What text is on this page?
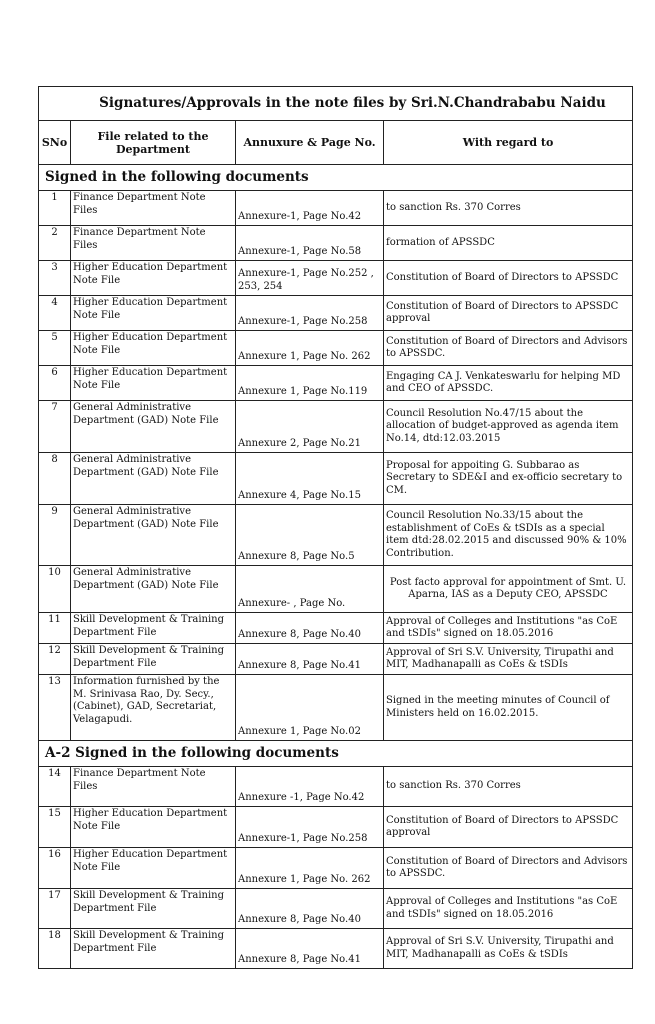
Signatures/Approvals in the note files by Sri.N.Chandrababu Naidu			
SNo	File related to the Department	Annuxure & Page No.	With regard to
Signed in the following documents			
1	Finance Department Note Files	Annexure-1, Page No.42	to sanction Rs. 370 Corres
2	Finance Department Note Files	Annexure-1, Page No.58	formation of APSSDC
3	Higher Education Department Note File	Annexure-1, Page No.252 , 253, 254	Constitution of Board of Directors to APSSDC
4	Higher Education Department Note File	Annexure-1, Page No.258	Constitution of Board of Directors to APSSDC approval
5	Higher Education Department Note File	Annexure 1, Page No. 262	Constitution of Board of Directors and Advisors to APSSDC.
6	Higher Education Department Note File	Annexure 1, Page No.119	Engaging CA J. Venkateswarlu for helping MD and CEO of APSSDC.
7	General Administrative Department (GAD) Note File	Annexure 2, Page No.21	Council Resolution No.47/15 about the allocation of budget-approved as agenda item No.14, dtd:12.03.2015
8	General Administrative Department (GAD) Note File	Annexure 4, Page No.15	Proposal for appoiting G. Subbarao as Secretary to SDE&I and ex-officio secretary to CM.
9	General Administrative Department (GAD) Note File	Annexure 8, Page No.5	Council Resolution No.33/15 about the establishment of CoEs & tSDIs as a special item dtd:28.02.2015 and discussed 90% & 10% Contribution.
10	General Administrative Department (GAD) Note File	Annexure- , Page No.	Post facto approval for appointment of Smt. U. Aparna, IAS as a Deputy CEO, APSSDC
11	Skill Development & Training Department File	Annexure 8, Page No.40	Approval of Colleges and Institutions "as CoE and tSDIs" signed on 18.05.2016
12	Skill Development & Training Department File	Annexure 8, Page No.41	Approval of Sri S.V. University, Tirupathi and MIT, Madhanapalli as CoEs & tSDIs
13	Information furnished by the M. Srinivasa Rao, Dy. Secy., (Cabinet), GAD, Secretariat, Velagapudi.	Annexure 1, Page No.02	Signed in the meeting minutes of Council of Ministers held on 16.02.2015.
A-2 Signed in the following documents			
14	Finance Department Note Files	Annexure -1, Page No.42	to sanction Rs. 370 Corres
15	Higher Education Department Note File	Annexure-1, Page No.258	Constitution of Board of Directors to APSSDC approval
16	Higher Education Department Note File	Annexure 1, Page No. 262	Constitution of Board of Directors and Advisors to APSSDC.
17	Skill Development & Training Department File	Annexure 8, Page No.40	Approval of Colleges and Institutions "as CoE and tSDIs" signed on 18.05.2016
18	Skill Development & Training Department File	Annexure 8, Page No.41	Approval of Sri S.V. University, Tirupathi and MIT, Madhanapalli as CoEs & tSDIs
